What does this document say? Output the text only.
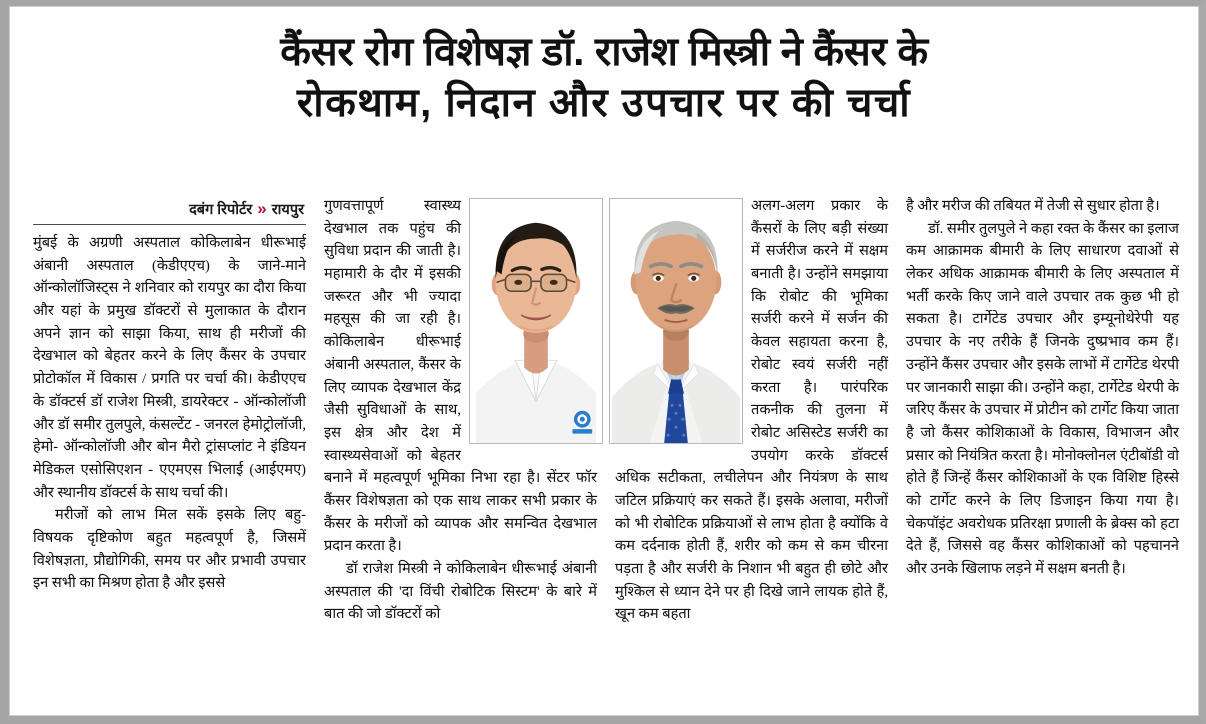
कैंसर रोग विशेषज्ञ डॉ. राजेश मिस्त्री ने कैंसर के
रोकथाम, निदान और उपचार पर की चर्चा
दबंग रिपोर्टर » रायपुर

मुंबई के अग्रणी अस्पताल कोकिलाबेन धीरूभाई अंबानी अस्पताल (केडीएएच) के जाने-माने ऑन्कोलॉजिस्ट्स ने शनिवार को रायपुर का दौरा किया और यहां के प्रमुख डॉक्टरों से मुलाकात के दौरान अपने ज्ञान को साझा किया, साथ ही मरीजों की देखभाल को बेहतर करने के लिए कैंसर के उपचार प्रोटोकॉल में विकास / प्रगति पर चर्चा की। केडीएएच के डॉक्टर्स डॉ राजेश मिस्त्री, डायरेक्टर - ऑन्कोलॉजी और डॉ समीर तुलपुले, कंसल्टेंट - जनरल हेमोट्रोलॉजी, हेमो- ऑन्कोलॉजी और बोन मैरो ट्रांसप्लांट ने इंडियन मेडिकल एसोसिएशन - एएमएस भिलाई (आईएमए) और स्थानीय डॉक्टर्स के साथ चर्चा की।

मरीजों को लाभ मिल सकें इसके लिए बहु-विषयक दृष्टिकोण बहुत महत्वपूर्ण है, जिसमें विशेषज्ञता, प्रौद्योगिकी, समय पर और प्रभावी उपचार इन सभी का मिश्रण होता है और इससे

गुणवत्तापूर्ण स्वास्थ्य देखभाल तक पहुंच की सुविधा प्रदान की जाती है। महामारी के दौर में इसकी जरूरत और भी ज्यादा महसूस की जा रही है। कोकिलाबेन धीरूभाई अंबानी अस्पताल, कैंसर के लिए व्यापक देखभाल केंद्र जैसी सुविधाओं के साथ, इस क्षेत्र और देश में स्वास्थ्यसेवाओं को बेहतर बनाने में महत्वपूर्ण भूमिका निभा रहा है। सेंटर फॉर कैंसर विशेषज्ञता को एक साथ लाकर सभी प्रकार के कैंसर के मरीजों को व्यापक और समन्वित देखभाल प्रदान करता है।

डॉ राजेश मिस्त्री ने कोकिलाबेन धीरूभाई अंबानी अस्पताल की 'दा विंची रोबोटिक सिस्टम' के बारे में बात की जो डॉक्टरों को

अलग-अलग प्रकार के कैंसरों के लिए बड़ी संख्या में सर्जरीज करने में सक्षम बनाती है। उन्होंने समझाया कि रोबोट की भूमिका सर्जरी करने में सर्जन की केवल सहायता करना है, रोबोट स्वयं सर्जरी नहीं करता है। पारंपरिक तकनीक की तुलना में रोबोट असिस्टेड सर्जरी का उपयोग करके डॉक्टर्स अधिक सटीकता, लचीलेपन और नियंत्रण के साथ जटिल प्रक्रियाएं कर सकते हैं। इसके अलावा, मरीजों को भी रोबोटिक प्रक्रियाओं से लाभ होता है क्योंकि वे कम दर्दनाक होती हैं, शरीर को कम से कम चीरना पड़ता है और सर्जरी के निशान भी बहुत ही छोटे और मुश्किल से ध्यान देने पर ही दिखे जाने लायक होते हैं, खून कम बहता

है और मरीज की तबियत में तेजी से सुधार होता है।

डॉ. समीर तुलपुले ने कहा रक्त के कैंसर का इलाज कम आक्रामक बीमारी के लिए साधारण दवाओं से लेकर अधिक आक्रामक बीमारी के लिए अस्पताल में भर्ती करके किए जाने वाले उपचार तक कुछ भी हो सकता है। टार्गेटेड उपचार और इम्यूनोथेरेपी यह उपचार के नए तरीके हैं जिनके दुष्प्रभाव कम हैं। उन्होंने कैंसर उपचार और इसके लाभों में टार्गेटेड थेरपी पर जानकारी साझा की। उन्होंने कहा, टार्गेटेड थेरपी के जरिए कैंसर के उपचार में प्रोटीन को टार्गेट किया जाता है जो कैंसर कोशिकाओं के विकास, विभाजन और प्रसार को नियंत्रित करता है। मोनोक्लोनल एंटीबॉडी वो होते हैं जिन्हें कैंसर कोशिकाओं के एक विशिष्ट हिस्से को टार्गेट करने के लिए डिजाइन किया गया है। चेकपॉइंट अवरोधक प्रतिरक्षा प्रणाली के ब्रेक्स को हटा देते हैं, जिससे वह कैंसर कोशिकाओं को पहचानने और उनके खिलाफ लड़ने में सक्षम बनती है।
